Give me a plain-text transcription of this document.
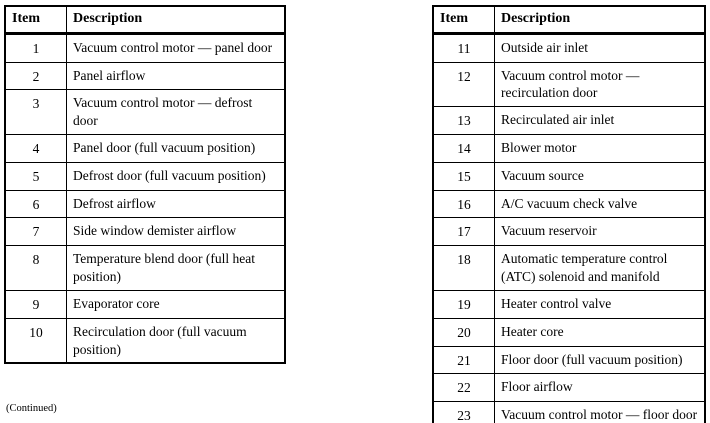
Item	Description
1	Vacuum control motor — panel door
2	Panel airflow
3	Vacuum control motor — defrost door
4	Panel door (full vacuum position)
5	Defrost door (full vacuum position)
6	Defrost airflow
7	Side window demister airflow
8	Temperature blend door (full heat position)
9	Evaporator core
10	Recirculation door (full vacuum position)
Item	Description
11	Outside air inlet
12	Vacuum control motor — recirculation door
13	Recirculated air inlet
14	Blower motor
15	Vacuum source
16	A/C vacuum check valve
17	Vacuum reservoir
18	Automatic temperature control (ATC) solenoid and manifold
19	Heater control valve
20	Heater core
21	Floor door (full vacuum position)
22	Floor airflow
23	Vacuum control motor — floor door
(Continued)
